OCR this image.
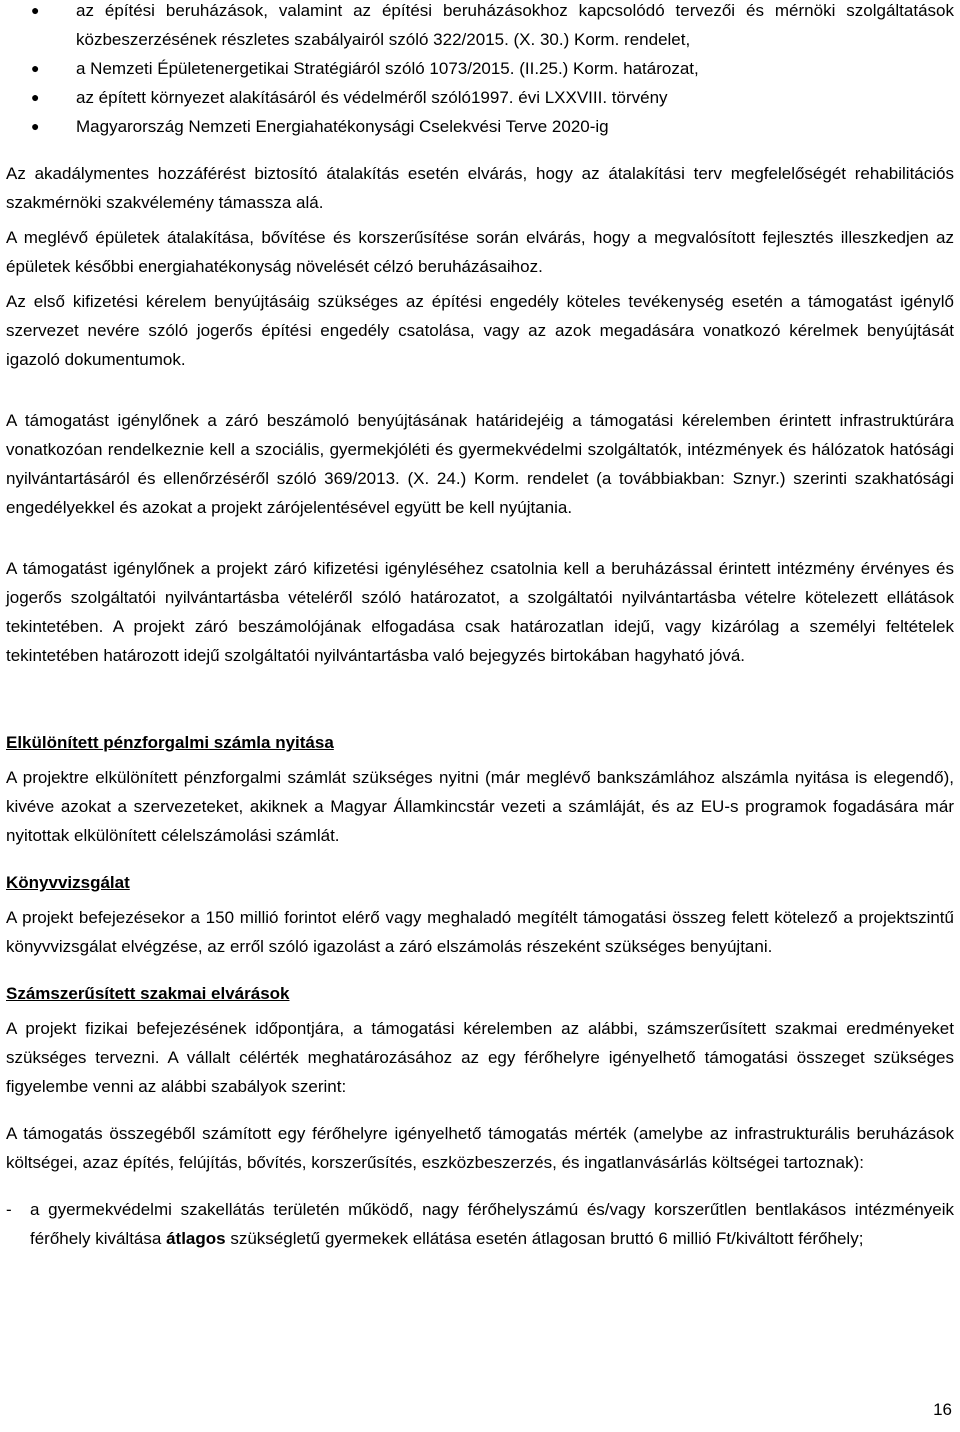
● az építési beruházások, valamint az építési beruházásokhoz kapcsolódó tervezői és mérnöki szolgáltatások közbeszerzésének részletes szabályairól szóló 322/2015. (X. 30.) Korm. rendelet,
● a Nemzeti Épületenergetikai Stratégiáról szóló 1073/2015. (II.25.) Korm. határozat,
● az épített környezet alakításáról és védelméről szóló1997. évi LXXVIII. törvény
● Magyarország Nemzeti Energiahatékonysági Cselekvési Terve 2020-ig

Az akadálymentes hozzáférést biztosító átalakítás esetén elvárás, hogy az átalakítási terv megfelelőségét rehabilitációs szakmérnöki szakvélemény támassza alá.

A meglévő épületek átalakítása, bővítése és korszerűsítése során elvárás, hogy a megvalósított fejlesztés illeszkedjen az épületek későbbi energiahatékonyság növelését célzó beruházásaihoz.

Az első kifizetési kérelem benyújtásáig szükséges az építési engedély köteles tevékenység esetén a támogatást igénylő szervezet nevére szóló jogerős építési engedély csatolása, vagy az azok megadására vonatkozó kérelmek benyújtását igazoló dokumentumok.

A támogatást igénylőnek a záró beszámoló benyújtásának határidejéig a támogatási kérelemben érintett infrastruktúrára vonatkozóan rendelkeznie kell a szociális, gyermekjóléti és gyermekvédelmi szolgáltatók, intézmények és hálózatok hatósági nyilvántartásáról és ellenőrzéséről szóló 369/2013. (X. 24.) Korm. rendelet (a továbbiakban: Sznyr.) szerinti szakhatósági engedélyekkel és azokat a projekt zárójelentésével együtt be kell nyújtania.

A támogatást igénylőnek a projekt záró kifizetési igényléséhez csatolnia kell a beruházással érintett intézmény érvényes és jogerős szolgáltatói nyilvántartásba vételéről szóló határozatot, a szolgáltatói nyilvántartásba vételre kötelezett ellátások tekintetében. A projekt záró beszámolójának elfogadása csak határozatlan idejű, vagy kizárólag a személyi feltételek tekintetében határozott idejű szolgáltatói nyilvántartásba való bejegyzés birtokában hagyható jóvá.

Elkülönített pénzforgalmi számla nyitása

A projektre elkülönített pénzforgalmi számlát szükséges nyitni (már meglévő bankszámlához alszámla nyitása is elegendő), kivéve azokat a szervezeteket, akiknek a Magyar Államkincstár vezeti a számláját, és az EU-s programok fogadására már nyitottak elkülönített célelszámolási számlát.

Könyvvizsgálat

A projekt befejezésekor a 150 millió forintot elérő vagy meghaladó megítélt támogatási összeg felett kötelező a projektszintű könyvvizsgálat elvégzése, az erről szóló igazolást a záró elszámolás részeként szükséges benyújtani.

Számszerűsített szakmai elvárások

A projekt fizikai befejezésének időpontjára, a támogatási kérelemben az alábbi, számszerűsített szakmai eredményeket szükséges tervezni. A vállalt célérték meghatározásához az egy férőhelyre igényelhető támogatási összeget szükséges figyelembe venni az alábbi szabályok szerint:

A támogatás összegéből számított egy férőhelyre igényelhető támogatás mérték (amelybe az infrastrukturális beruházások költségei, azaz építés, felújítás, bővítés, korszerűsítés, eszközbeszerzés, és ingatlanvásárlás költségei tartoznak):

- a gyermekvédelmi szakellátás területén működő, nagy férőhelyszámú és/vagy korszerűtlen bentlakásos intézményeik férőhely kiváltása átlagos szükségletű gyermekek ellátása esetén átlagosan bruttó 6 millió Ft/kiváltott férőhely;
16
